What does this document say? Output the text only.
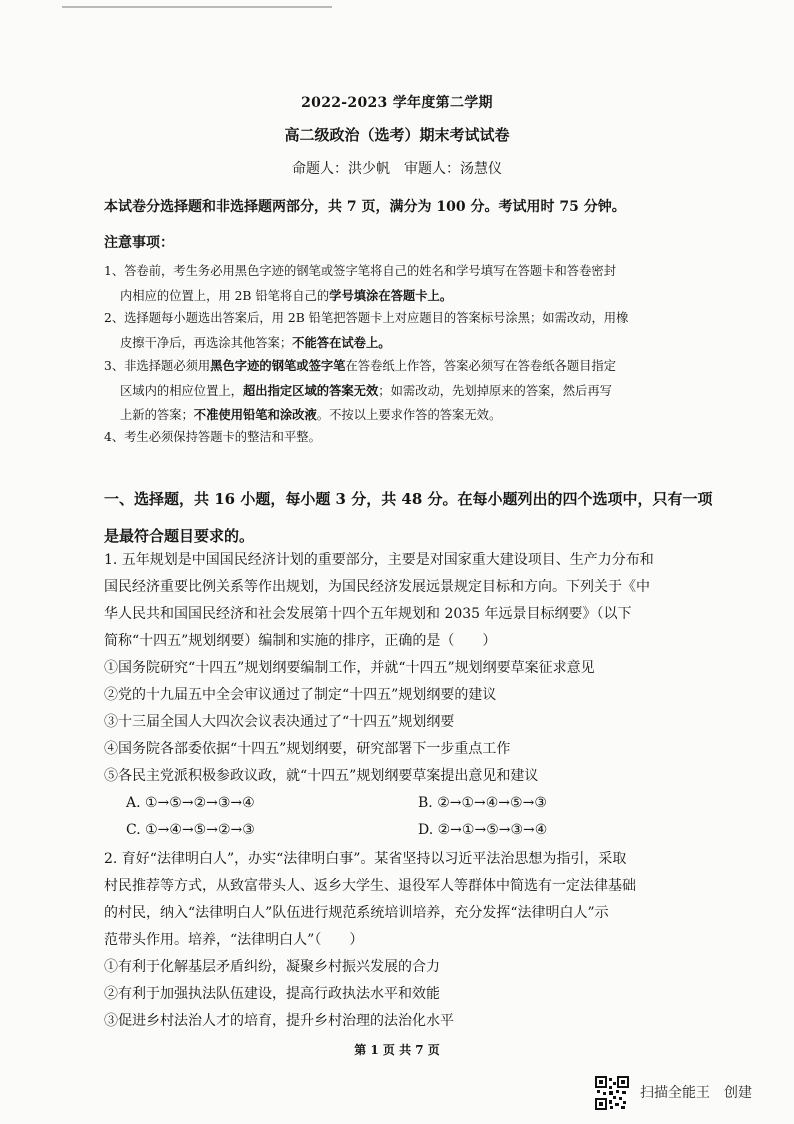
2022-2023 学年度第二学期
高二级政治（选考）期末考试试卷
命题人：洪少帆　审题人：汤慧仪
本试卷分选择题和非选择题两部分，共 7 页，满分为 100 分。考试用时 75 分钟。
注意事项：
1、答卷前，考生务必用黑色字迹的钢笔或签字笔将自己的姓名和学号填写在答题卡和答卷密封
内相应的位置上，用 2B 铅笔将自己的学号填涂在答题卡上。
2、选择题每小题选出答案后，用 2B 铅笔把答题卡上对应题目的答案标号涂黑；如需改动，用橡
皮擦干净后，再选涂其他答案；不能答在试卷上。
3、非选择题必须用黑色字迹的钢笔或签字笔在答卷纸上作答，答案必须写在答卷纸各题目指定
区域内的相应位置上，超出指定区域的答案无效；如需改动，先划掉原来的答案，然后再写
上新的答案；不准使用铅笔和涂改液。不按以上要求作答的答案无效。
4、考生必须保持答题卡的整洁和平整。
一、选择题，共 16 小题，每小题 3 分，共 48 分。在每小题列出的四个选项中，只有一项
是最符合题目要求的。
1. 五年规划是中国国民经济计划的重要部分，主要是对国家重大建设项目、生产力分布和
国民经济重要比例关系等作出规划，为国民经济发展远景规定目标和方向。下列关于《中
华人民共和国国民经济和社会发展第十四个五年规划和 2035 年远景目标纲要》（以下
简称“十四五”规划纲要）编制和实施的排序，正确的是（　　）
①国务院研究“十四五”规划纲要编制工作，并就“十四五”规划纲要草案征求意见
②党的十九届五中全会审议通过了制定“十四五”规划纲要的建议
③十三届全国人大四次会议表决通过了“十四五”规划纲要
④国务院各部委依据“十四五”规划纲要，研究部署下一步重点工作
⑤各民主党派积极参政议政，就“十四五”规划纲要草案提出意见和建议
A. ①→⑤→②→③→④	B. ②→①→④→⑤→③
C. ①→④→⑤→②→③	D. ②→①→⑤→③→④
2. 育好“法律明白人”，办实“法律明白事”。某省坚持以习近平法治思想为指引，采取
村民推荐等方式，从致富带头人、返乡大学生、退役军人等群体中简选有一定法律基础
的村民，纳入“法律明白人”队伍进行规范系统培训培养，充分发挥“法律明白人”示
范带头作用。培养，“法律明白人”（　　）
①有利于化解基层矛盾纠纷，凝聚乡村振兴发展的合力
②有利于加强执法队伍建设，提高行政执法水平和效能
③促进乡村法治人才的培育，提升乡村治理的法治化水平
第 1 页 共 7 页
扫描全能王　创建
